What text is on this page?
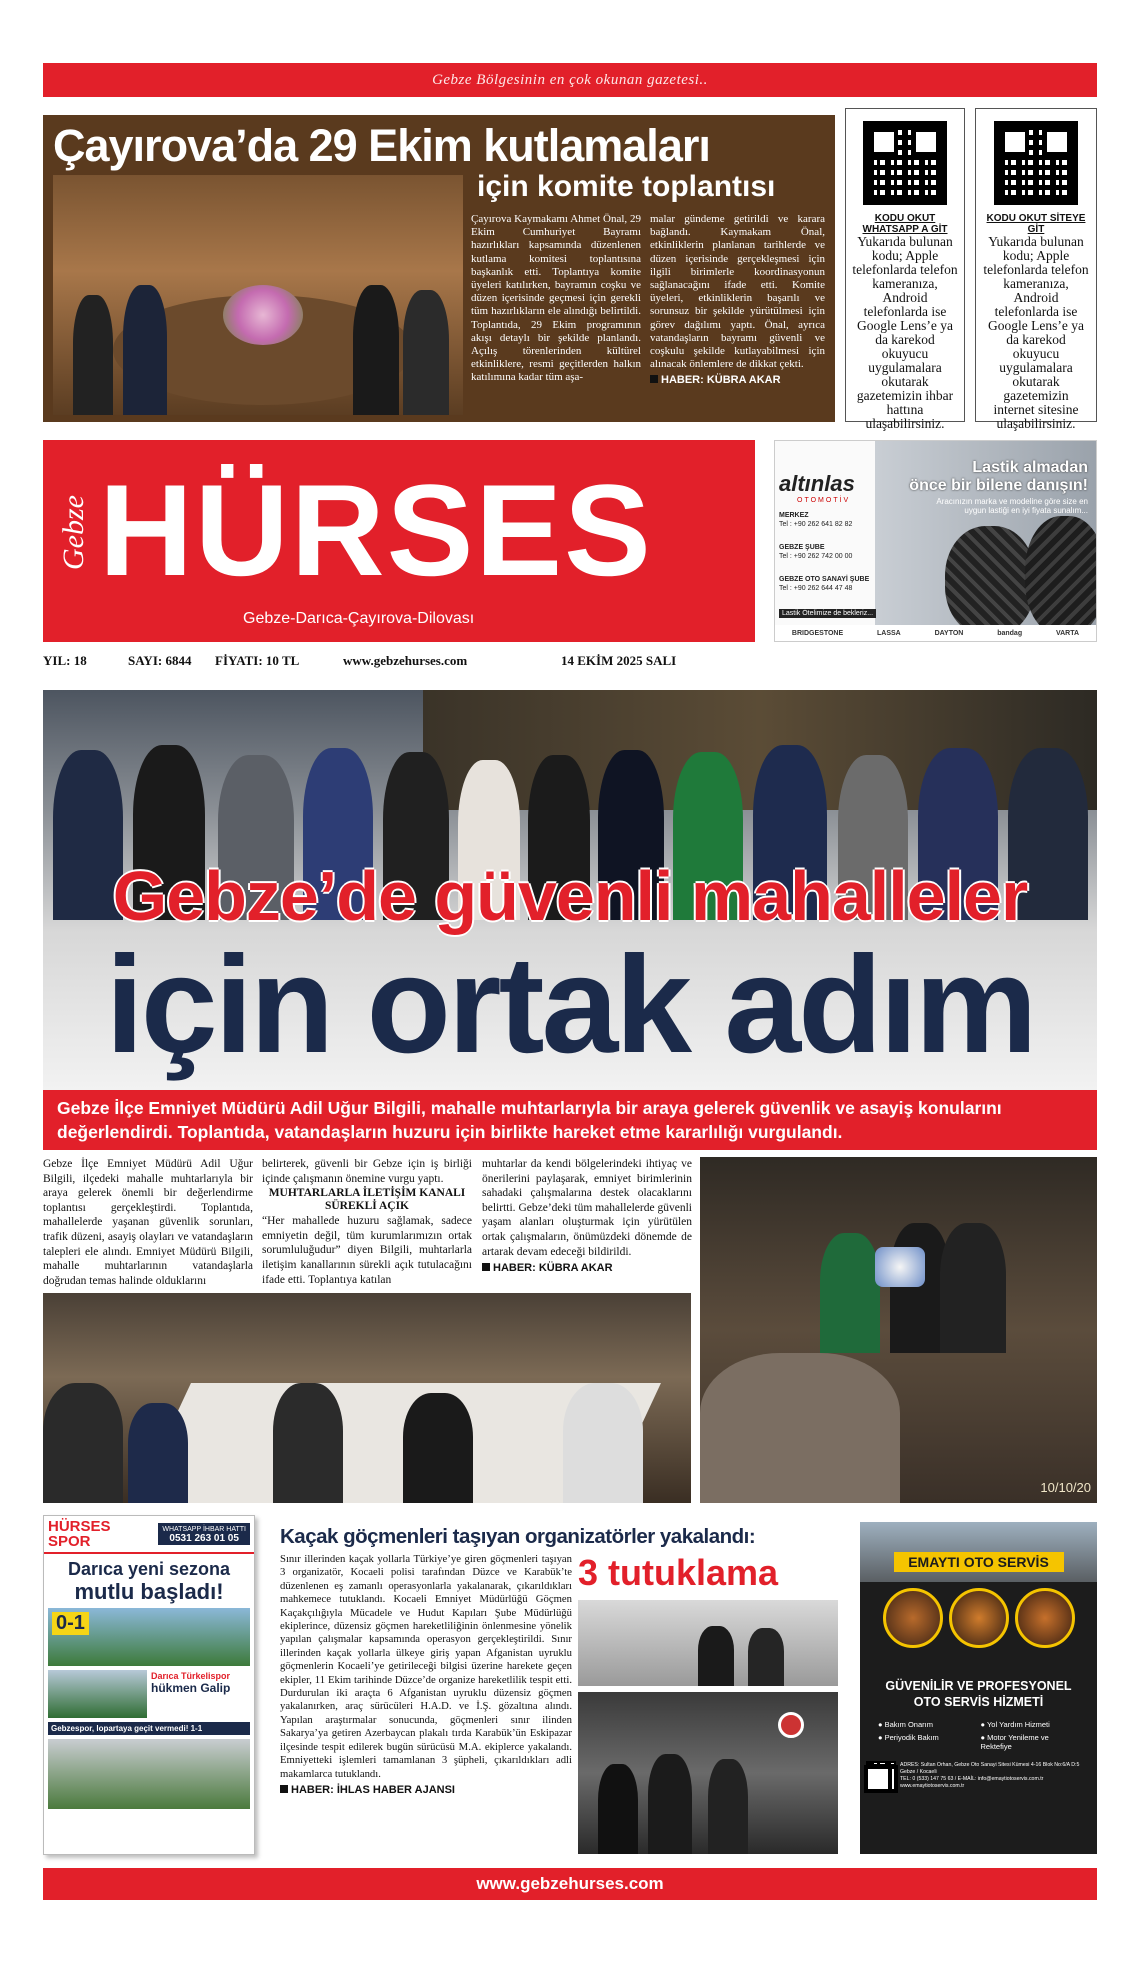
Gebze Bölgesinin en çok okunan gazetesi..
Çayırova’da 29 Ekim kutlamaları
için komite toplantısı

Çayırova Kaymakamı Ahmet Önal, 29 Ekim Cumhuriyet Bayramı hazırlıkları kapsamında düzenlenen kutlama komitesi toplantısına başkanlık etti. Toplantıya komite üyeleri katılırken, bayramın coşku ve düzen içerisinde geçmesi için gerekli tüm hazırlıkların ele alındığı belirtildi. Toplantıda, 29 Ekim programının akışı detaylı bir şekilde planlandı. Açılış törenlerinden kültürel etkinliklere, resmi geçitlerden halkın katılımına kadar tüm aşa-

malar gündeme getirildi ve karara bağlandı. Kaymakam Önal, etkinliklerin planlanan tarihlerde ve düzen içerisinde gerçekleşmesi için ilgili birimlerle koordinasyonun sağlanacağını ifade etti. Komite üyeleri, etkinliklerin başarılı ve sorunsuz bir şekilde yürütülmesi için görev dağılımı yaptı. Önal, ayrıca vatandaşların bayramı güvenli ve coşkulu şekilde kutlayabilmesi için alınacak önlemlere de dikkat çekti.

HABER: KÜBRA AKAR
KODU OKUT WHATSAPP A GİT
Yukarıda bulunan kodu; Apple telefonlarda telefon kameranıza, Android telefonlarda ise Google Lens’e ya da karekod okuyucu uygulamalara okutarak gazetemizin ihbar hattına ulaşabilirsiniz.
KODU OKUT SİTEYE GİT
Yukarıda bulunan kodu; Apple telefonlarda telefon kameranıza, Android telefonlarda ise Google Lens’e ya da karekod okuyucu uygulamalara okutarak gazetemizin internet sitesine ulaşabilirsiniz.
Gebze HÜRSES
Gebze-Darıca-Çayırova-Dilovası
altınlas
OTOMOTİV
MERKEZ
Tel : +90 262 641 82 82
GEBZE ŞUBE
Tel : +90 262 742 00 00
GEBZE OTO SANAYİ ŞUBE
Tel : +90 262 644 47 48
Lastik almadan
önce bir bilene danışın!
Aracınızın marka ve modeline göre size en uygun lastiği en iyi fiyata sunalım...
Lastik Ötelimize de bekleriz...
BRIDGESTONE	LASSA	DAYTON	bandag	VARTA
YIL: 18	SAYI: 6844 FİYATI: 10 TL	www.gebzehurses.com	14 EKİM 2025 SALI
Gebze’de güvenli mahalleler
için ortak adım
Gebze İlçe Emniyet Müdürü Adil Uğur Bilgili, mahalle muhtarlarıyla bir araya gelerek güvenlik ve asayiş konularını değerlendirdi. Toplantıda, vatandaşların huzuru için birlikte hareket etme kararlılığı vurgulandı.

Gebze İlçe Emniyet Müdürü Adil Uğur Bilgili, ilçedeki mahalle muhtarlarıyla bir araya gelerek önemli bir değerlendirme toplantısı gerçekleştirdi. Toplantıda, mahallelerde yaşanan güvenlik sorunları, trafik düzeni, asayiş olayları ve vatandaşların talepleri ele alındı. Emniyet Müdürü Bilgili, mahalle muhtarlarının vatandaşlarla doğrudan temas halinde olduklarını

belirterek, güvenli bir Gebze için iş birliği içinde çalışmanın önemine vurgu yaptı.

MUHTARLARLA İLETİŞİM KANALI SÜREKLİ AÇIK

“Her mahallede huzuru sağlamak, sadece emniyetin değil, tüm kurumlarımızın ortak sorumluluğudur” diyen Bilgili, muhtarlarla iletişim kanallarının sürekli açık tutulacağını ifade etti. Toplantıya katılan

muhtarlar da kendi bölgelerindeki ihtiyaç ve önerilerini paylaşarak, emniyet birimlerinin sahadaki çalışmalarına destek olacaklarını belirtti. Gebze’deki tüm mahallelerde güvenli yaşam alanları oluşturmak için yürütülen ortak çalışmaların, önümüzdeki dönemde de artarak devam edeceği bildirildi.

HABER: KÜBRA AKAR
10/10/20
HÜRSES
SPOR
WHATSAPP İHBAR HATTI
0531 263 01 05
Darıca yeni sezona
mutlu başladı!
0-1
Darıca Türkelispor
hükmen Galip
Gebzespor, lopartaya geçit vermedi! 1-1
Kaçak göçmenleri taşıyan organizatörler yakalandı:

Sınır illerinden kaçak yollarla Türkiye’ye giren göçmenleri taşıyan 3 organizatör, Kocaeli polisi tarafından Düzce ve Karabük’te düzenlenen eş zamanlı operasyonlarla yakalanarak, çıkarıldıkları mahkemece tutuklandı. Kocaeli Emniyet Müdürlüğü Göçmen Kaçakçılığıyla Mücadele ve Hudut Kapıları Şube Müdürlüğü ekiplerince, düzensiz göçmen hareketliliğinin önlenmesine yönelik yapılan çalışmalar kapsamında operasyon gerçekleştirildi. Sınır illerinden kaçak yollarla ülkeye giriş yapan Afganistan uyruklu göçmenlerin Kocaeli’ye getirileceği bilgisi üzerine harekete geçen ekipler, 11 Ekim tarihinde Düzce’de organize hareketlilik tespit etti. Durdurulan iki araçta 6 Afganistan uyruklu düzensiz göçmen yakalanırken, araç sürücüleri H.A.D. ve İ.Ş. gözaltına alındı. Yapılan araştırmalar sonucunda, göçmenleri sınır ilinden Sakarya’ya getiren Azerbaycan plakalı tırda Karabük’ün Eskipazar ilçesinde tespit edilerek bugün sürücüsü M.A. ekiplerce yakalandı. Emniyetteki işlemleri tamamlanan 3 şüpheli, çıkarıldıkları adli makamlarca tutuklandı.

HABER: İHLAS HABER AJANSI
3 tutuklama	EMAYTI OTO SERVİS
GÜVENİLİR VE PROFESYONEL OTO SERVİS HİZMETİ
● Bakım Onarım	● Yol Yardım Hizmeti
● Periyodik Bakım	● Motor Yenileme ve Rektefiye
ADRES: Sultan Orhan, Gebze Oto Sanayi Sitesi Kümesi 4-16 Blok No:6/A D:5 Gebze / Kocaeli
TEL: 0 (533) 147 75 63 / E-MAİL: info@emaytiotoservis.com.tr
www.emaytiotoservis.com.tr
www.gebzehurses.com
